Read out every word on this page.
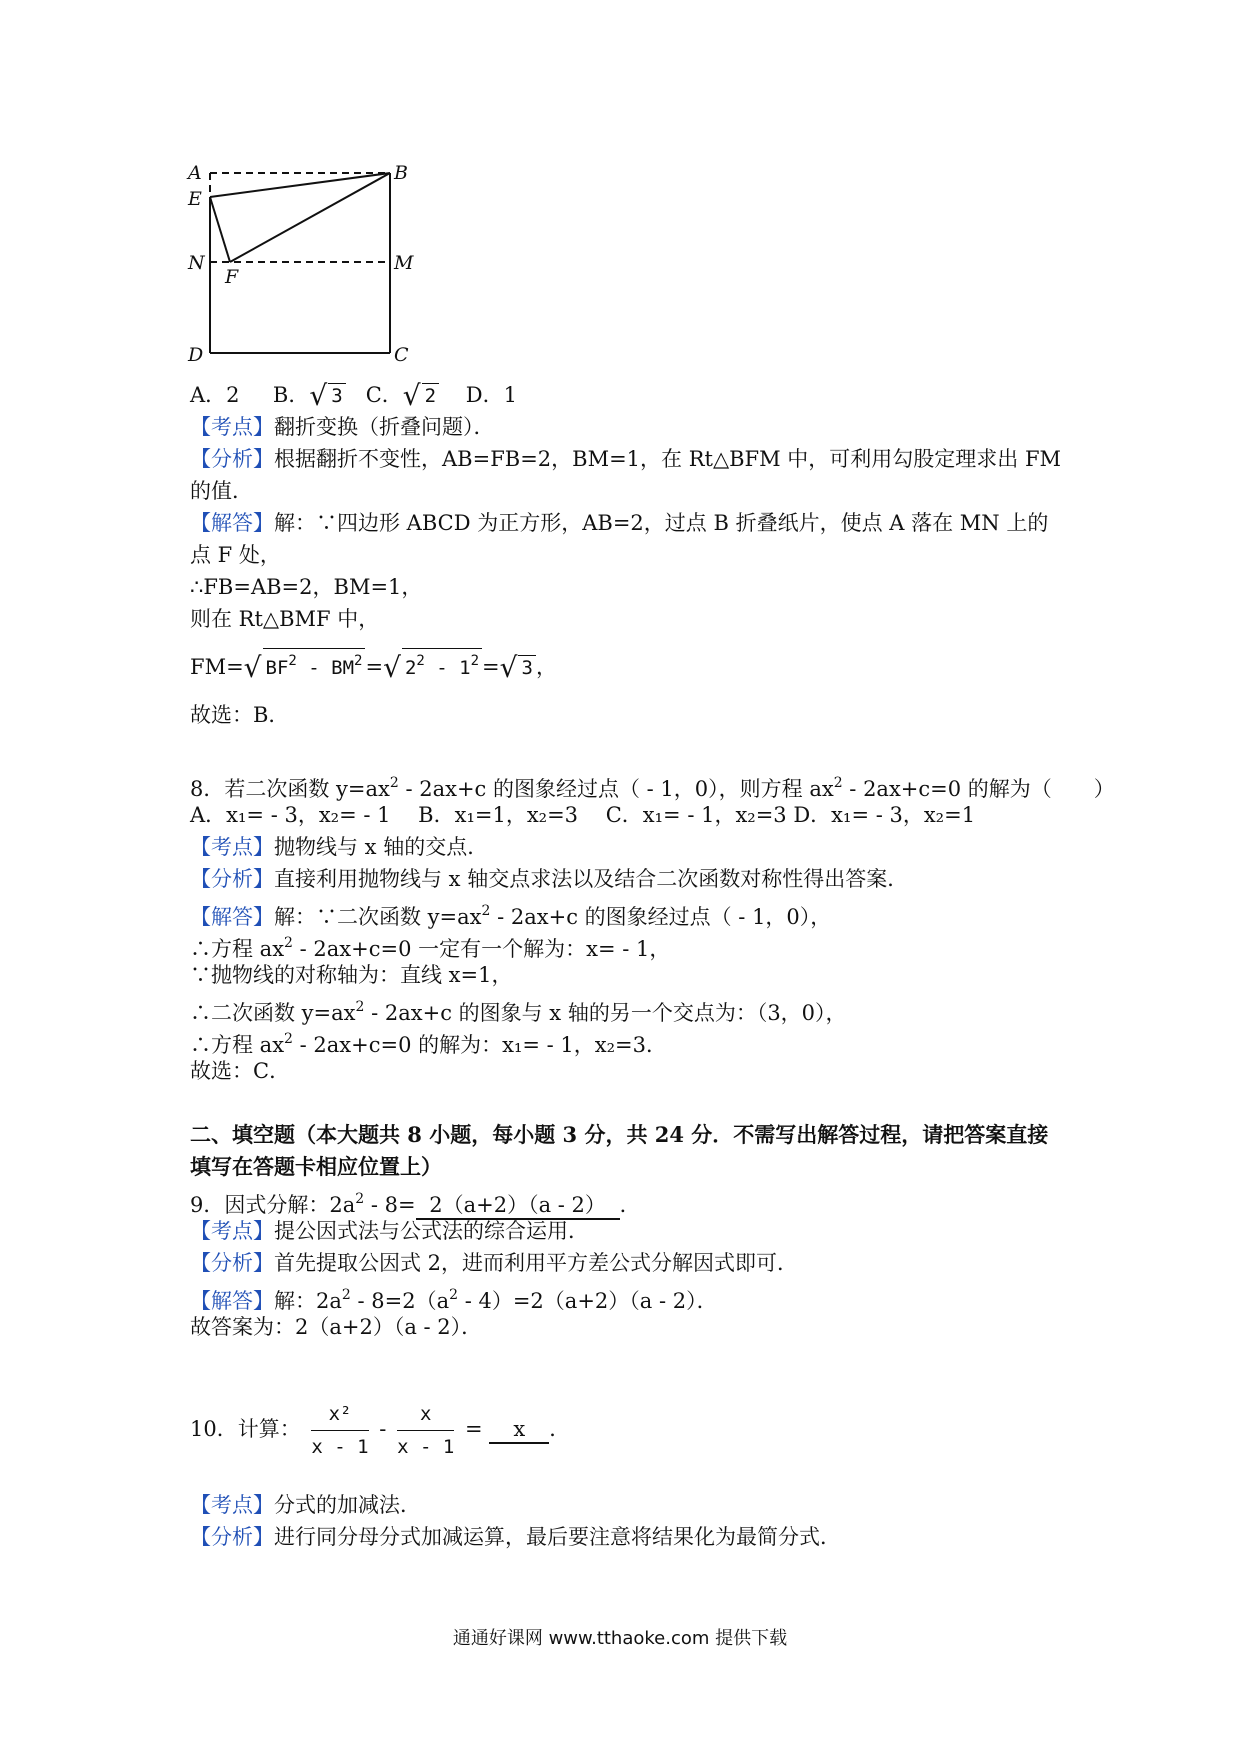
A	B
E
N
F
M
D	C
A．2 B．√ 3 C．√ 2 D．1
【考点】翻折变换（折叠问题）．
【分析】根据翻折不变性，AB=FB=2，BM=1，在 Rt△BFM 中，可利用勾股定理求出 FM
的值．
【解答】解：∵四边形 ABCD 为正方形，AB=2，过点 B 折叠纸片，使点 A 落在 MN 上的
点 F 处，
∴FB=AB=2，BM=1，
则在 Rt△BMF 中，
FM=√ $BF^2 - BM^2$ =√ $2^2 - 1^2$ =√ 3 ，
故选：B．
8．若二次函数 $y=ax^2 - 2ax+c$ 的图象经过点（ - 1，0），则方程 $ax^2 - 2ax+c=0$ 的解为（　　）
A．x₁= - 3，x₂= - 1　 B．x₁=1，x₂=3　 C．x₁= - 1，x₂=3 D．x₁= - 3，x₂=1
【考点】抛物线与 x 轴的交点．
【分析】直接利用抛物线与 x 轴交点求法以及结合二次函数对称性得出答案．
【解答】解：∵二次函数 $y=ax^2 - 2ax+c$ 的图象经过点（ - 1，0），
∴方程 $ax^2 - 2ax+c=0$ 一定有一个解为：x= - 1，
∵抛物线的对称轴为：直线 x=1，
∴二次函数 $y=ax^2 - 2ax+c$ 的图象与 x 轴的另一个交点为：（3，0），
∴方程 $ax^2 - 2ax+c=0$ 的解为：x₁= - 1，x₂=3．
故选：C．
二、填空题（本大题共 8 小题，每小题 3 分，共 24 分．不需写出解答过程，请把答案直接
填写在答题卡相应位置上）
9．因式分解：$2a^2 - 8= 2(a+2)(a - 2)$ ．
【考点】提公因式法与公式法的综合运用．
【分析】首先提取公因式 2，进而利用平方差公式分解因式即可．
【解答】解：$2a^2 - 8=2(a^2 - 4)=2(a+2)(a - 2)$．
故答案为：2（a+2）（a - 2）．
10．计算： $\frac{\text{x²}}{x - 1} - \frac{x}{x - 1} = x$ ．
【考点】分式的加减法．
【分析】进行同分母分式加减运算，最后要注意将结果化为最简分式．
通通好课网 www.tthaoke.com 提供下载
